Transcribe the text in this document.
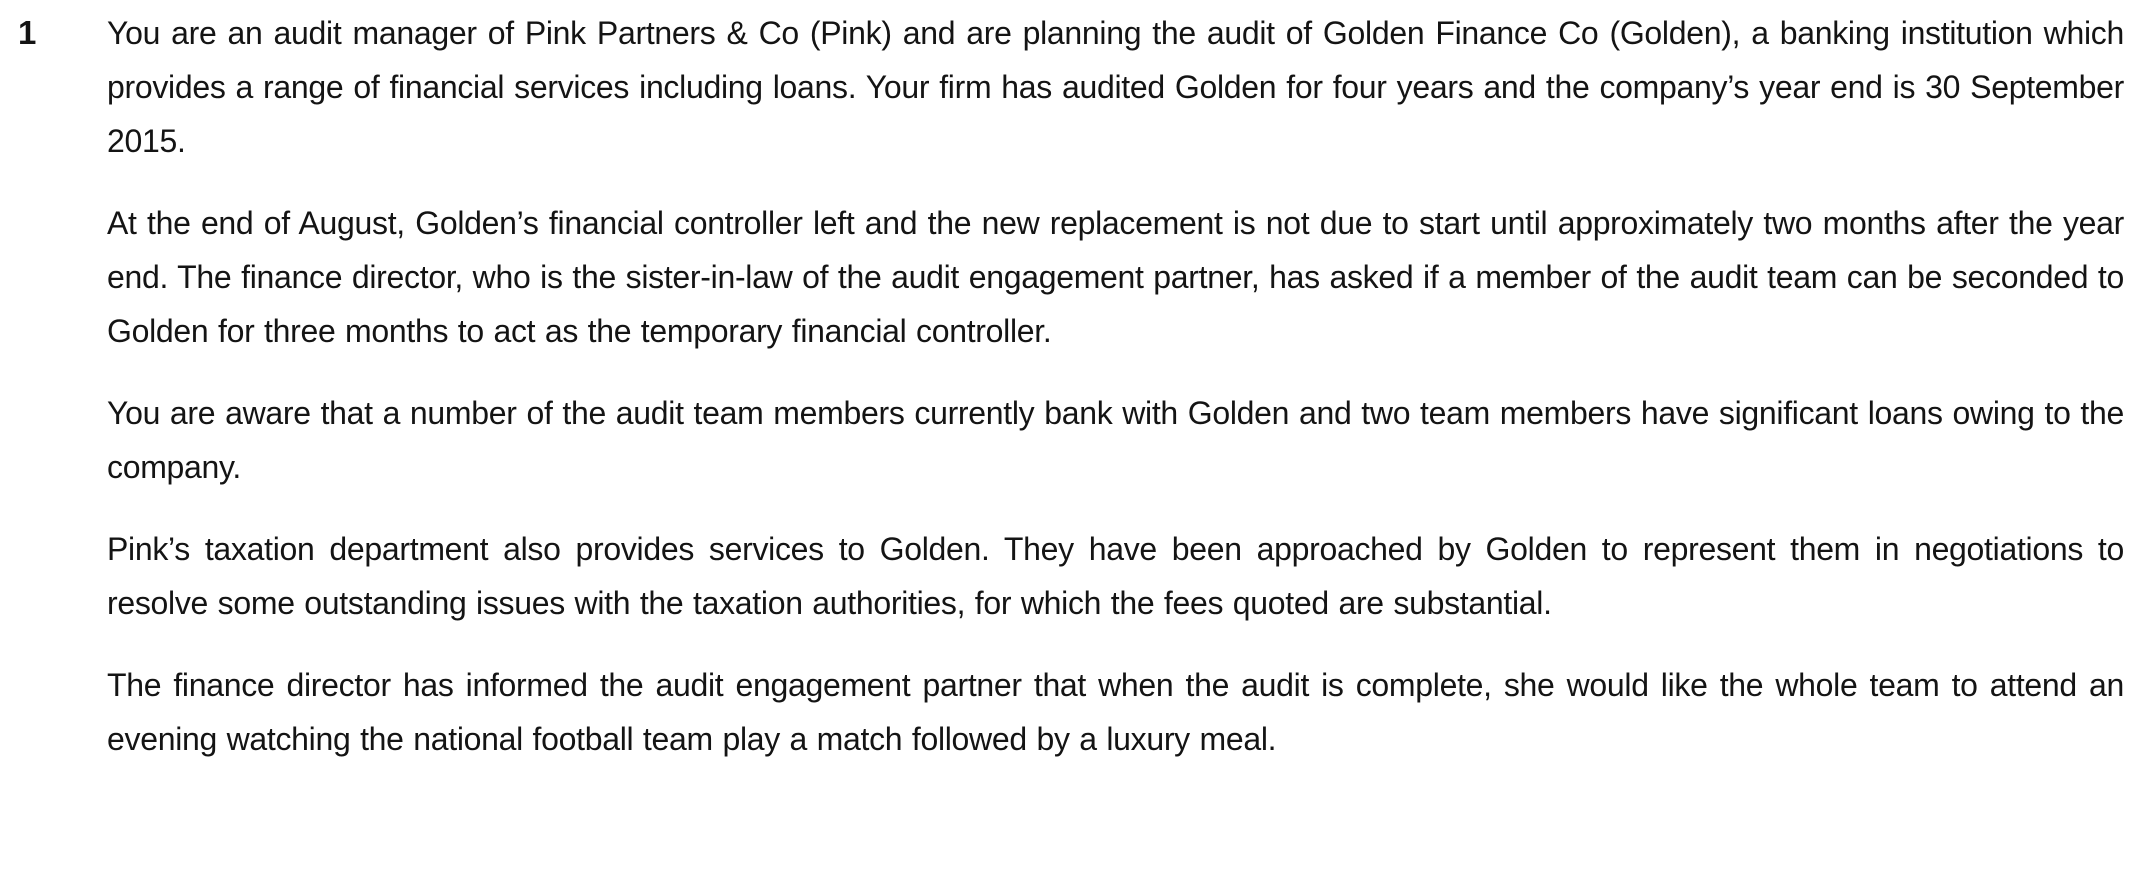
1	You are an audit manager of Pink Partners & Co (Pink) and are planning the audit of Golden Finance Co (Golden), a banking institution which provides a range of financial services including loans. Your firm has audited Golden for four years and the company’s year end is 30 September 2015.

At the end of August, Golden’s financial controller left and the new replacement is not due to start until approximately two months after the year end. The finance director, who is the sister-in-law of the audit engagement partner, has asked if a member of the audit team can be seconded to Golden for three months to act as the temporary financial controller.

You are aware that a number of the audit team members currently bank with Golden and two team members have significant loans owing to the company.

Pink’s taxation department also provides services to Golden. They have been approached by Golden to represent them in negotiations to resolve some outstanding issues with the taxation authorities, for which the fees quoted are substantial.

The finance director has informed the audit engagement partner that when the audit is complete, she would like the whole team to attend an evening watching the national football team play a match followed by a luxury meal.
